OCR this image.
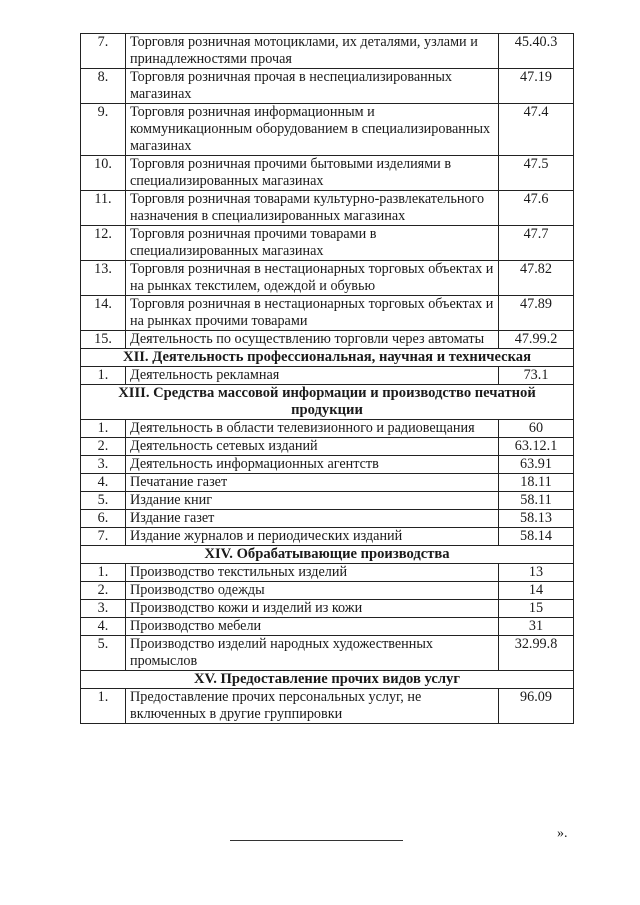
7.	Торговля розничная мотоциклами, их деталями, узлами и принадлежностями прочая	45.40.3
8.	Торговля розничная прочая в неспециализированных магазинах	47.19
9.	Торговля розничная информационным и коммуникационным оборудованием в специализированных магазинах	47.4
10.	Торговля розничная прочими бытовыми изделиями в специализированных магазинах	47.5
11.	Торговля розничная товарами культурно-развлекательного назначения в специализированных магазинах	47.6
12.	Торговля розничная прочими товарами в специализированных магазинах	47.7
13.	Торговля розничная в нестационарных торговых объектах и на рынках текстилем, одеждой и обувью	47.82
14.	Торговля розничная в нестационарных торговых объектах и на рынках прочими товарами	47.89
15.	Деятельность по осуществлению торговли через автоматы	47.99.2
XII. Деятельность профессиональная, научная и техническая		
1.	Деятельность рекламная	73.1
XIII. Средства массовой информации и производство печатной продукции		
1.	Деятельность в области телевизионного и радиовещания	60
2.	Деятельность сетевых изданий	63.12.1
3.	Деятельность информационных агентств	63.91
4.	Печатание газет	18.11
5.	Издание книг	58.11
6.	Издание газет	58.13
7.	Издание журналов и периодических изданий	58.14
XIV. Обрабатывающие производства		
1.	Производство текстильных изделий	13
2.	Производство одежды	14
3.	Производство кожи и изделий из кожи	15
4.	Производство мебели	31
5.	Производство изделий народных художественных промыслов	32.99.8
XV. Предоставление прочих видов услуг		
1.	Предоставление прочих персональных услуг, не включенных в другие группировки	96.09
».
